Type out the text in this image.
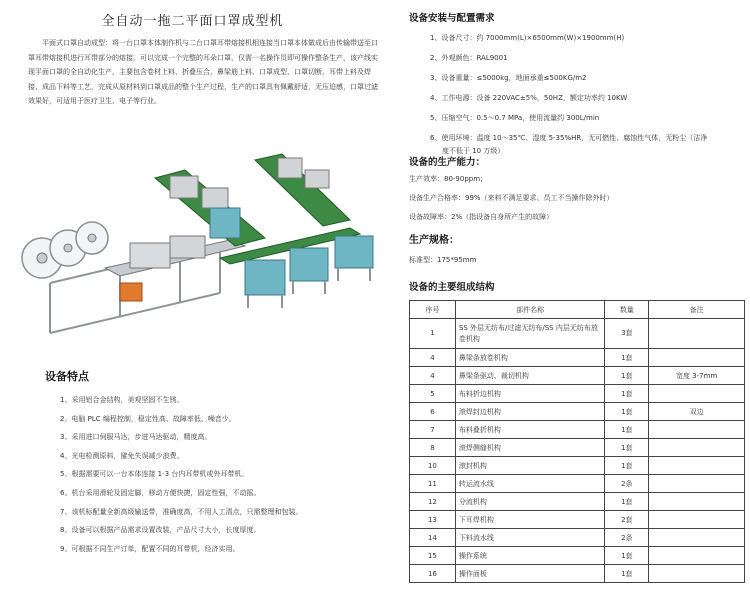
全自动一拖二平面口罩成型机

平面式口罩自动成型：将一台口罩本体制作机与二台口罩耳带熔接机相连接当口罩本体做成后由传输带送至口罩耳带熔接机进行耳带部分的熔接，可以完成一个完整的耳朵口罩，仅需一名操作员即可操作整条生产，该产线实现平面口罩的全自动化生产，主要包含卷材上料、折叠压合、鼻梁筋上料、口罩成型、口罩切断、耳带上料及焊接、成品下料等工艺，完成从原材料到口罩成品的整个生产过程，生产的口罩具有佩戴舒适，无压迫感，口罩过滤效果好，可适用于医疗卫生、电子等行业。

设备特点
1、采用铝合金结构，美观坚固不生锈。
2、电脑 PLC 编程控制，稳定性高、故障率低、噪音少。
3、采用进口伺服马达，步进马达驱动，精度高。
4、光电检测原料，避免失误减少浪费。
5、根据需要可以一台本体连接 1-3 台内耳带机或外耳带机。
6、机台采用滑轮及固定脚，移动方便快捷，固定性强，不动摇。
7、该机标配量全新高级输送带，准确度高，不用人工清点，只需整理和包装。
8、设备可以根据产品需求设置改装，产品尺寸大小，长度厚度。
9、可根据不同生产订单，配置不同的耳带机，经济实用。
设备安装与配置需求
1、设备尺寸：约 7000mm(L)×6500mm(W)×1900mm(H)
2、外观颜色：RAL9001
3、设备重量：≤5000kg，地面承重≤500KG/m2
4、工作电源：设备 220VAC±5%，50HZ，额定功率约 10KW
5、压缩空气：0.5～0.7 MPa，使用流量约 300L/min
6、使用环境：温度 10～35℃、湿度 5-35%HR，无可燃性、腐蚀性气体，无粉尘（洁净
度不低于 10 万级）
设备的生产能力：
生产效率：80-90ppm；
设备生产合格率：99%（来料不满足要求、员工不当操作除外时）
设备故障率：2%（指设备自身所产生的故障）
生产规格：
标准型：175*95mm
设备的主要组成结构
序号	部件名称	数量	备注
1	SS 外层无纺布/过滤无纺布/SS 内层无纺布放卷机构	3套	
4	鼻梁条放卷机构	1套	
4	鼻梁条驱动、裁切机构	1套	宽度 3-7mm
5	布料折边机构	1套	
6	滚焊封边机构	1套	双边
7	布料叠折机构	1套	
8	滚焊侧缝机构	1套	
10	滚封机构	1套	
11	转运流水线	2条	
12	分流机构	1套	
13	下耳焊机构	2套	
14	下料流水线	2条	
15	操作系统	1套	
16	操作面板	1套	
